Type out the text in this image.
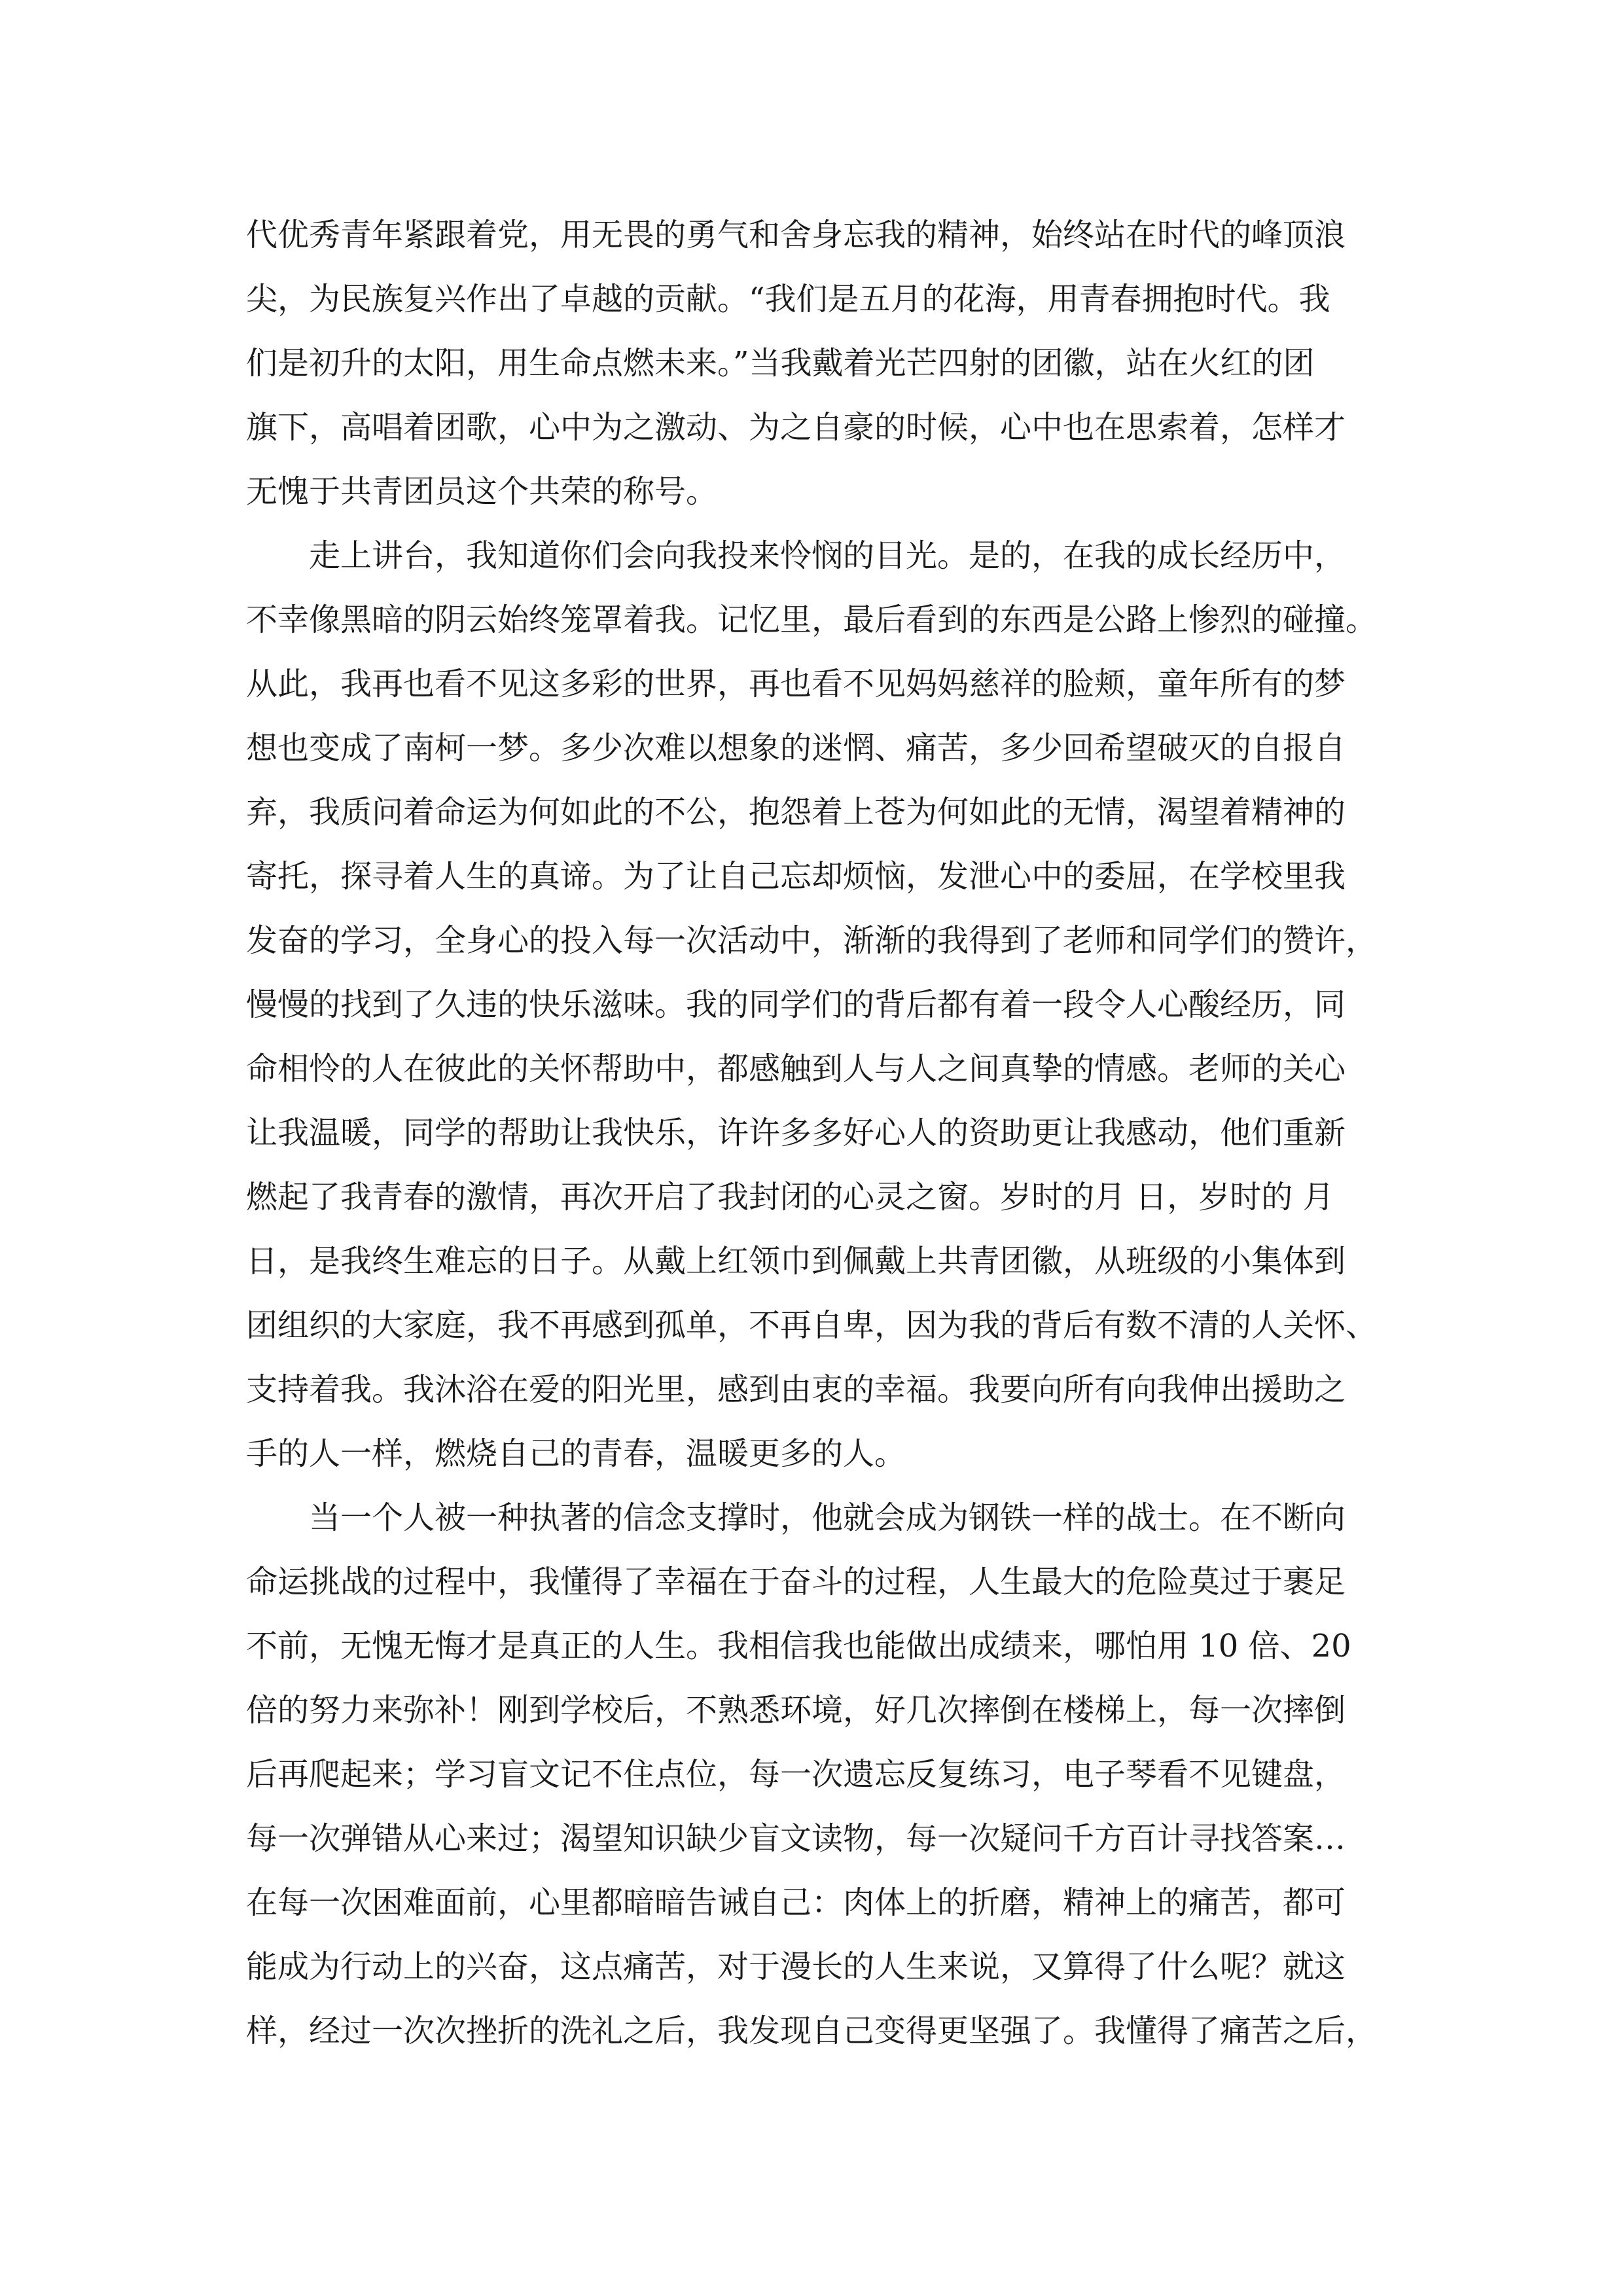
代优秀青年紧跟着党，用无畏的勇气和舍身忘我的精神，始终站在时代的峰顶浪
尖，为民族复兴作出了卓越的贡献。“我们是五月的花海，用青春拥抱时代。我
们是初升的太阳，用生命点燃未来。”当我戴着光芒四射的团徽，站在火红的团
旗下，高唱着团歌，心中为之激动、为之自豪的时候，心中也在思索着，怎样才
无愧于共青团员这个共荣的称号。
走上讲台，我知道你们会向我投来怜悯的目光。是的，在我的成长经历中，
不幸像黑暗的阴云始终笼罩着我。记忆里，最后看到的东西是公路上惨烈的碰撞。
从此，我再也看不见这多彩的世界，再也看不见妈妈慈祥的脸颊，童年所有的梦
想也变成了南柯一梦。多少次难以想象的迷惘、痛苦，多少回希望破灭的自报自
弃，我质问着命运为何如此的不公，抱怨着上苍为何如此的无情，渴望着精神的
寄托，探寻着人生的真谛。为了让自己忘却烦恼，发泄心中的委屈，在学校里我
发奋的学习，全身心的投入每一次活动中，渐渐的我得到了老师和同学们的赞许，
慢慢的找到了久违的快乐滋味。我的同学们的背后都有着一段令人心酸经历，同
命相怜的人在彼此的关怀帮助中，都感触到人与人之间真挚的情感。老师的关心
让我温暖，同学的帮助让我快乐，许许多多好心人的资助更让我感动，他们重新
燃起了我青春的激情，再次开启了我封闭的心灵之窗。岁时的月 日，岁时的 月
日，是我终生难忘的日子。从戴上红领巾到佩戴上共青团徽，从班级的小集体到
团组织的大家庭，我不再感到孤单，不再自卑，因为我的背后有数不清的人关怀、
支持着我。我沐浴在爱的阳光里，感到由衷的幸福。我要向所有向我伸出援助之
手的人一样，燃烧自己的青春，温暖更多的人。
当一个人被一种执著的信念支撑时，他就会成为钢铁一样的战士。在不断向
命运挑战的过程中，我懂得了幸福在于奋斗的过程，人生最大的危险莫过于裹足
不前，无愧无悔才是真正的人生。我相信我也能做出成绩来，哪怕用 10 倍、20
倍的努力来弥补！刚到学校后，不熟悉环境，好几次摔倒在楼梯上，每一次摔倒
后再爬起来；学习盲文记不住点位，每一次遗忘反复练习，电子琴看不见键盘，
每一次弹错从心来过；渴望知识缺少盲文读物，每一次疑问千方百计寻找答案…
在每一次困难面前，心里都暗暗告诫自己：肉体上的折磨，精神上的痛苦，都可
能成为行动上的兴奋，这点痛苦，对于漫长的人生来说，又算得了什么呢？就这
样，经过一次次挫折的洗礼之后，我发现自己变得更坚强了。我懂得了痛苦之后，
